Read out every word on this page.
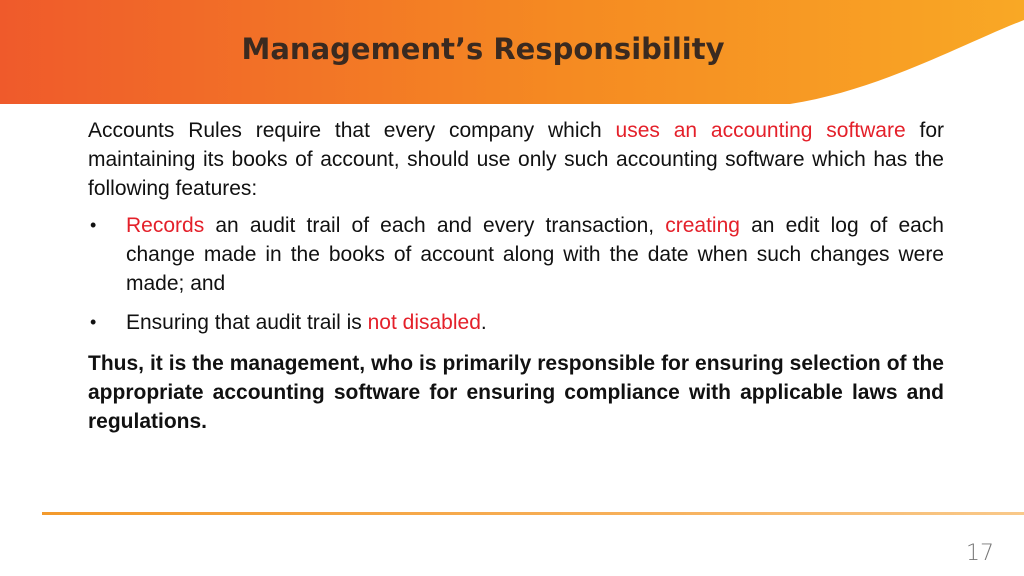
Management’s Responsibility

Accounts Rules require that every company which uses an accounting software for maintaining its books of account, should use only such accounting software which has the following features:

• Records an audit trail of each and every transaction, creating an edit log of each change made in the books of account along with the date when such changes were made; and
• Ensuring that audit trail is not disabled.

Thus, it is the management, who is primarily responsible for ensuring selection of the appropriate accounting software for ensuring compliance with applicable laws and regulations.

17
